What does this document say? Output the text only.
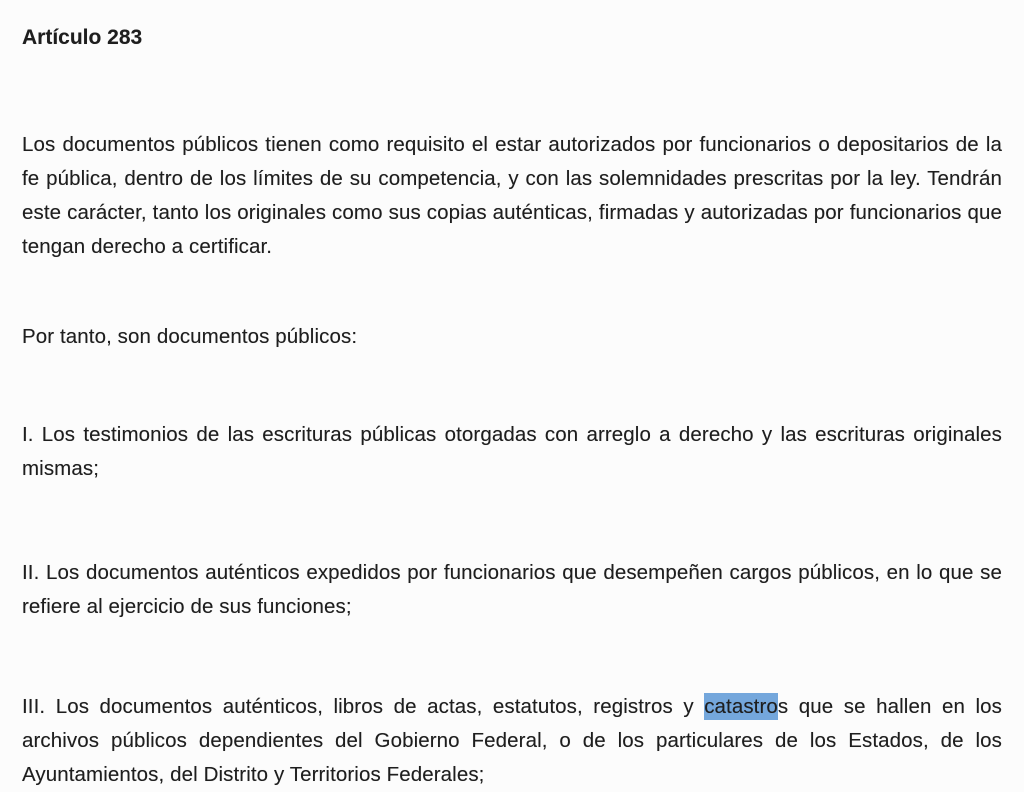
Artículo 283

Los documentos públicos tienen como requisito el estar autorizados por funcionarios o depositarios de la fe pública, dentro de los límites de su competencia, y con las solemnidades prescritas por la ley. Tendrán este carácter, tanto los originales como sus copias auténticas, firmadas y autorizadas por funcionarios que tengan derecho a certificar.

Por tanto, son documentos públicos:

I. Los testimonios de las escrituras públicas otorgadas con arreglo a derecho y las escrituras originales mismas;

II. Los documentos auténticos expedidos por funcionarios que desempeñen cargos públicos, en lo que se refiere al ejercicio de sus funciones;

III. Los documentos auténticos, libros de actas, estatutos, registros y catastros que se hallen en los archivos públicos dependientes del Gobierno Federal, o de los particulares de los Estados, de los Ayuntamientos, del Distrito y Territorios Federales;
